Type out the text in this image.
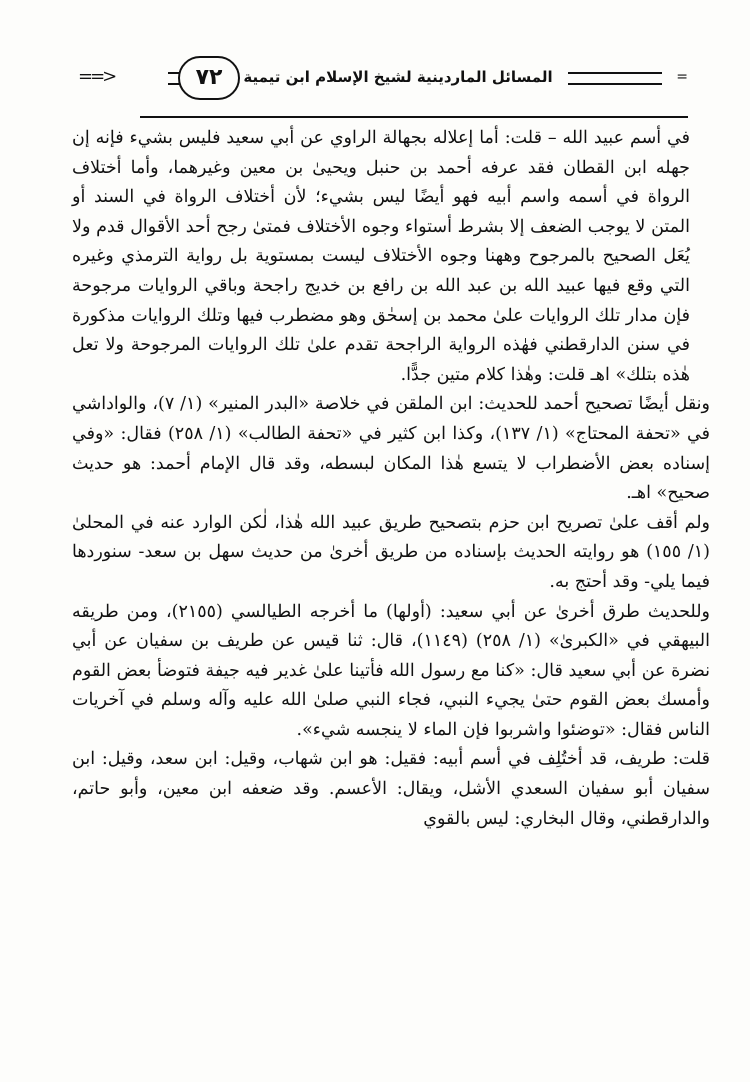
=
المسائل الماردينية لشيخ الإسلام ابن تيمية
٧٢
<==

في أسم عبيد الله – قلت: أما إعلاله بجهالة الراوي عن أبي سعيد فليس بشيء فإنه إن جهله ابن القطان فقد عرفه أحمد بن حنبل ويحيىٰ بن معين وغيرهما، وأما أختلاف الرواة في أسمه واسم أبيه فهو أيضًا ليس بشيء؛ لأن أختلاف الرواة في السند أو المتن لا يوجب الضعف إلا بشرط أستواء وجوه الأختلاف فمتىٰ رجح أحد الأقوال قدم ولا يُعَل الصحيح بالمرجوح وههنا وجوه الأختلاف ليست بمستوية بل رواية الترمذي وغيره التي وقع فيها عبيد الله بن عبد الله بن رافع بن خديج راجحة وباقي الروايات مرجوحة فإن مدار تلك الروايات علىٰ محمد بن إسحٰق وهو مضطرب فيها وتلك الروايات مذكورة في سنن الدارقطني فهٰذه الرواية الراجحة تقدم علىٰ تلك الروايات المرجوحة ولا تعل هٰذه بتلك» اهـ قلت: وهٰذا كلام متين جدًّا.

ونقل أيضًا تصحيح أحمد للحديث: ابن الملقن في خلاصة «البدر المنير» (١/ ٧)، والواداشي في «تحفة المحتاج» (١/ ١٣٧)، وكذا ابن كثير في «تحفة الطالب» (١/ ٢٥٨) فقال: «وفي إسناده بعض الأضطراب لا يتسع هٰذا المكان لبسطه، وقد قال الإمام أحمد: هو حديث صحيح» اهـ.

ولم أقف علىٰ تصريح ابن حزم بتصحيح طريق عبيد الله هٰذا، لٰكن الوارد عنه في المحلىٰ (١/ ١٥٥) هو روايته الحديث بإسناده من طريق أخرىٰ من حديث سهل بن سعد- سنوردها فيما يلي- وقد أحتج به.

وللحديث طرق أخرىٰ عن أبي سعيد: (أولها) ما أخرجه الطيالسي (٢١٥٥)، ومن طريقه البيهقي في «الكبرىٰ» (١/ ٢٥٨) (١١٤٩)، قال: ثنا قيس عن طريف بن سفيان عن أبي نضرة عن أبي سعيد قال: «كنا مع رسول الله فأتينا علىٰ غدير فيه جيفة فتوضأ بعض القوم وأمسك بعض القوم حتىٰ يجيء النبي، فجاء النبي صلىٰ الله عليه وآله وسلم في آخريات الناس فقال: «توضئوا واشربوا فإن الماء لا ينجسه شيء».

قلت: طريف، قد أختُلِف في أسم أبيه: فقيل: هو ابن شهاب، وقيل: ابن سعد، وقيل: ابن سفيان أبو سفيان السعدي الأشل، ويقال: الأعسم. وقد ضعفه ابن معين، وأبو حاتم، والدارقطني، وقال البخاري: ليس بالقوي
